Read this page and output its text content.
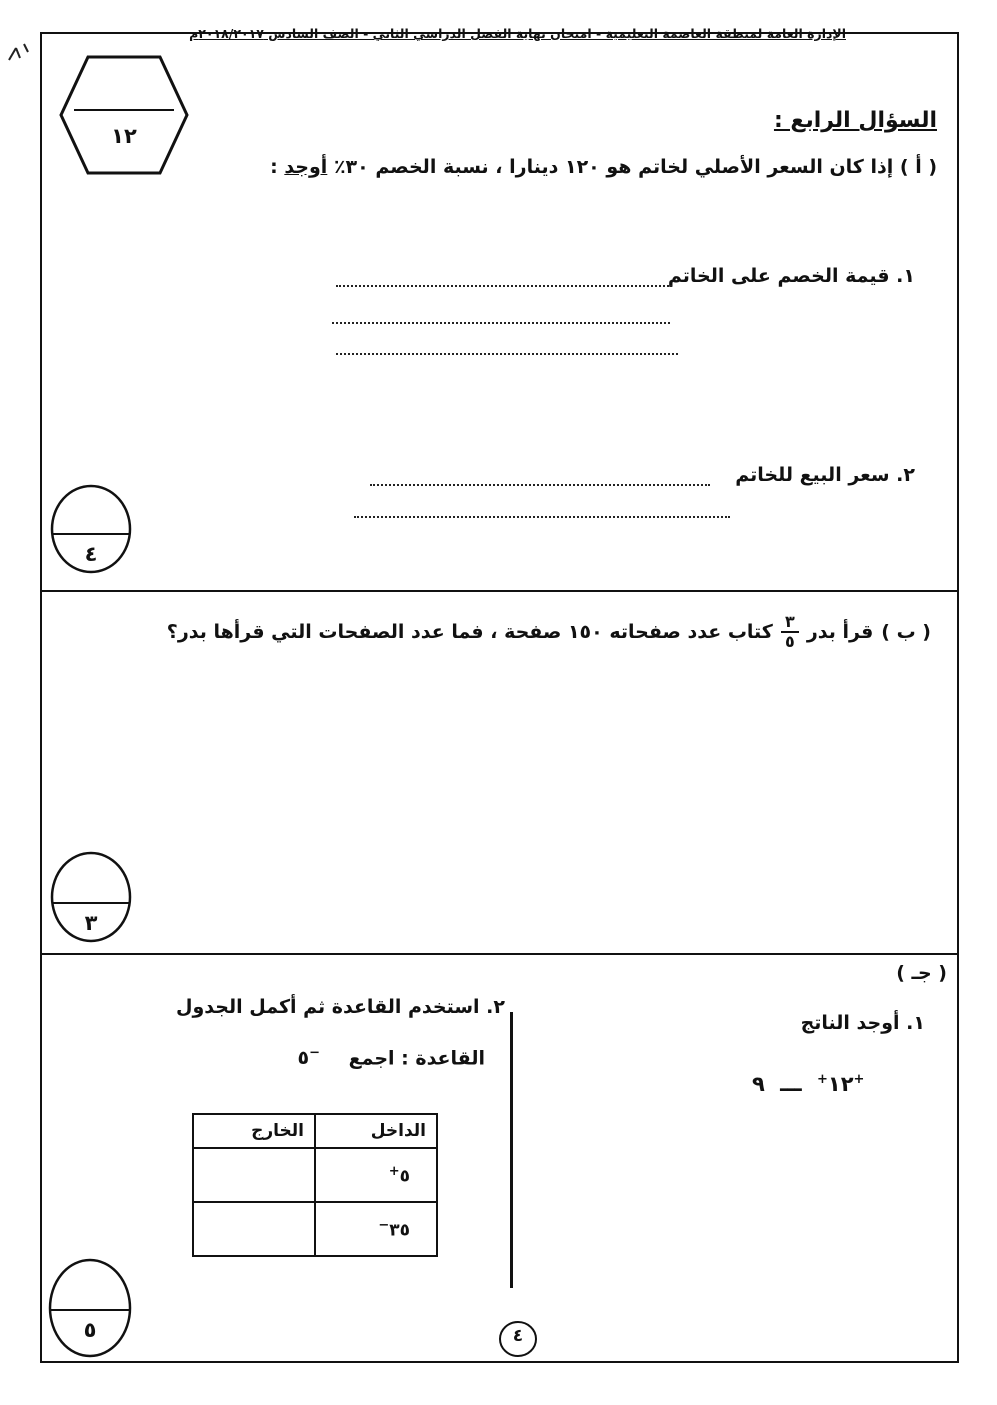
الإدارة العامة لمنطقة العاصمة التعليمية - امتحان نهاية الفصل الدراسي الثاني - الصف السادس ٢٠١٨/٢٠١٧م
١٢
السؤال الرابع :
( أ ) إذا كان السعر الأصلي لخاتم هو ١٢٠ دينارا ، نسبة الخصم ٣٠٪ أوجد :
١. قيمة الخصم على الخاتم
٢. سعر البيع للخاتم
٤
( ب )
قرأ بدر
٣
٥
كتاب عدد صفحاته ١٥٠ صفحة ، فما عدد الصفحات التي قرأها بدر؟
٣
( جـ )
١. أوجد الناتج
١٢+ ـــ ٩	+
٢. استخدم القاعدة ثم أكمل الجدول
القاعدة : اجمع −٥
الداخل	الخارج
٥+	
٣٥−	
٥	٤
